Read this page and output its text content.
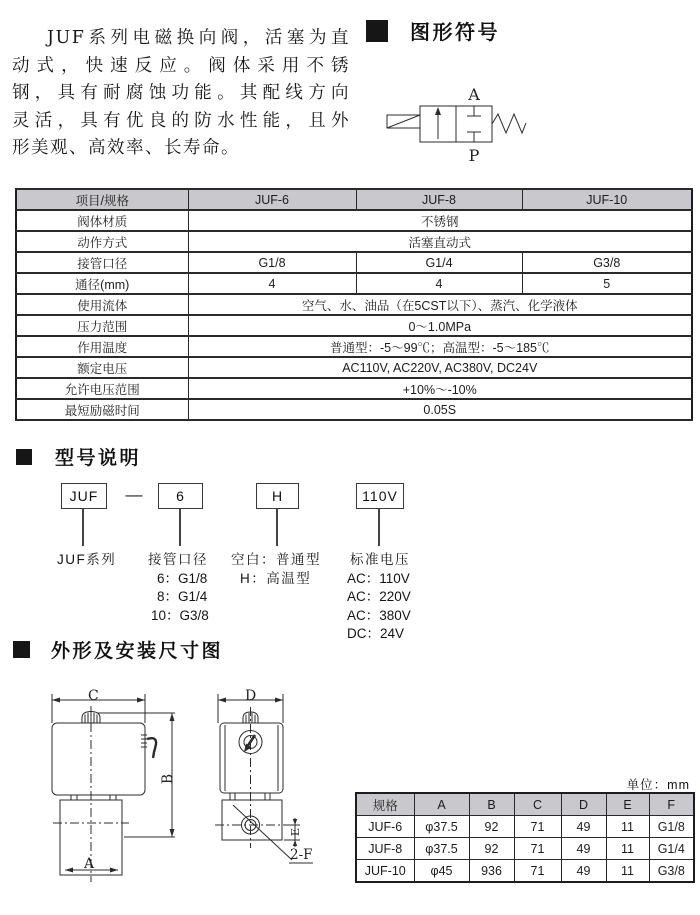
JUF系列电磁换向阀，活塞为直
动式，快速反应。阀体采用不锈
钢，具有耐腐蚀功能。其配线方向
灵活，具有优良的防水性能，且外
形美观、高效率、长寿命。
图形符号
A
P
项目/规格	JUF-6	JUF-8	JUF-10
阀体材质	不锈钢		
动作方式	活塞直动式		
接管口径	G1/8	G1/4	G3/8
通径(mm)	4	4	5
使用流体	空气、水、油品（在5CST以下）、蒸汽、化学液体		
压力范围	0～1.0MPa		
作用温度	普通型：-5～99℃；高温型：-5～185℃		
额定电压	AC110V, AC220V, AC380V, DC24V		
允许电压范围	+10%～-10%		
最短励磁时间	0.05S		
型号说明
JUF	—	6	H	110V
JUF系列 接管口径
6：G1/8
8：G1/4
10：G3/8
空白：普通型
H：高温型
标准电压
AC：110V
AC：220V
AC：380V
DC：24V
外形及安装尺寸图
C
B
A
D
E
2-F
单位：mm
规格	A	B	C	D	E	F
JUF-6	φ37.5	92	71	49	11	G1/8
JUF-8	φ37.5	92	71	49	11	G1/4
JUF-10	φ45	936	71	49	11	G3/8
